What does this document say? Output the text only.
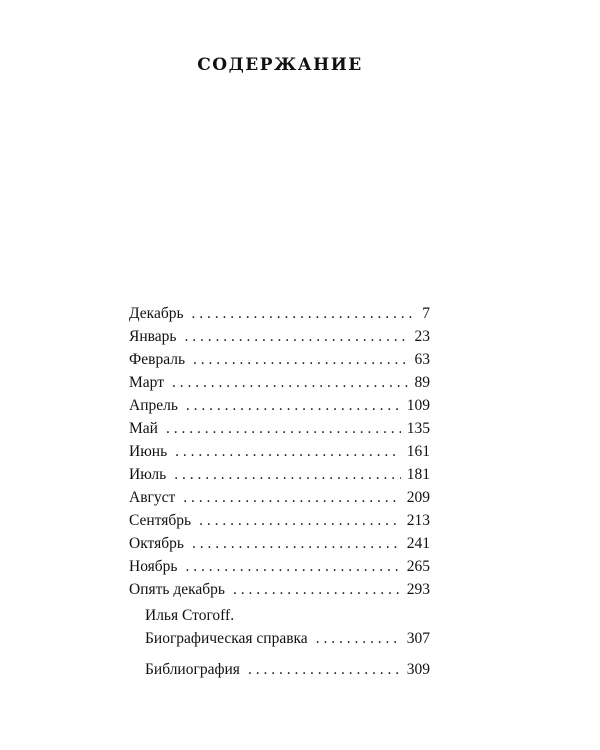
СОДЕРЖАНИЕ
Декабрь . . .	7
Январь . . .	23
Февраль . . .	63
Март . . .	89
Апрель . . .	109
Май . . .	135
Июнь . . .	161
Июль . . .	181
Август . . .	209
Сентябрь . . .	213
Октябрь . . .	241
Ноябрь . . .	265
Опять декабрь . . .	293
Илья Стогоff.
Биографическая справка . . .	307
Библиография . . .	309
